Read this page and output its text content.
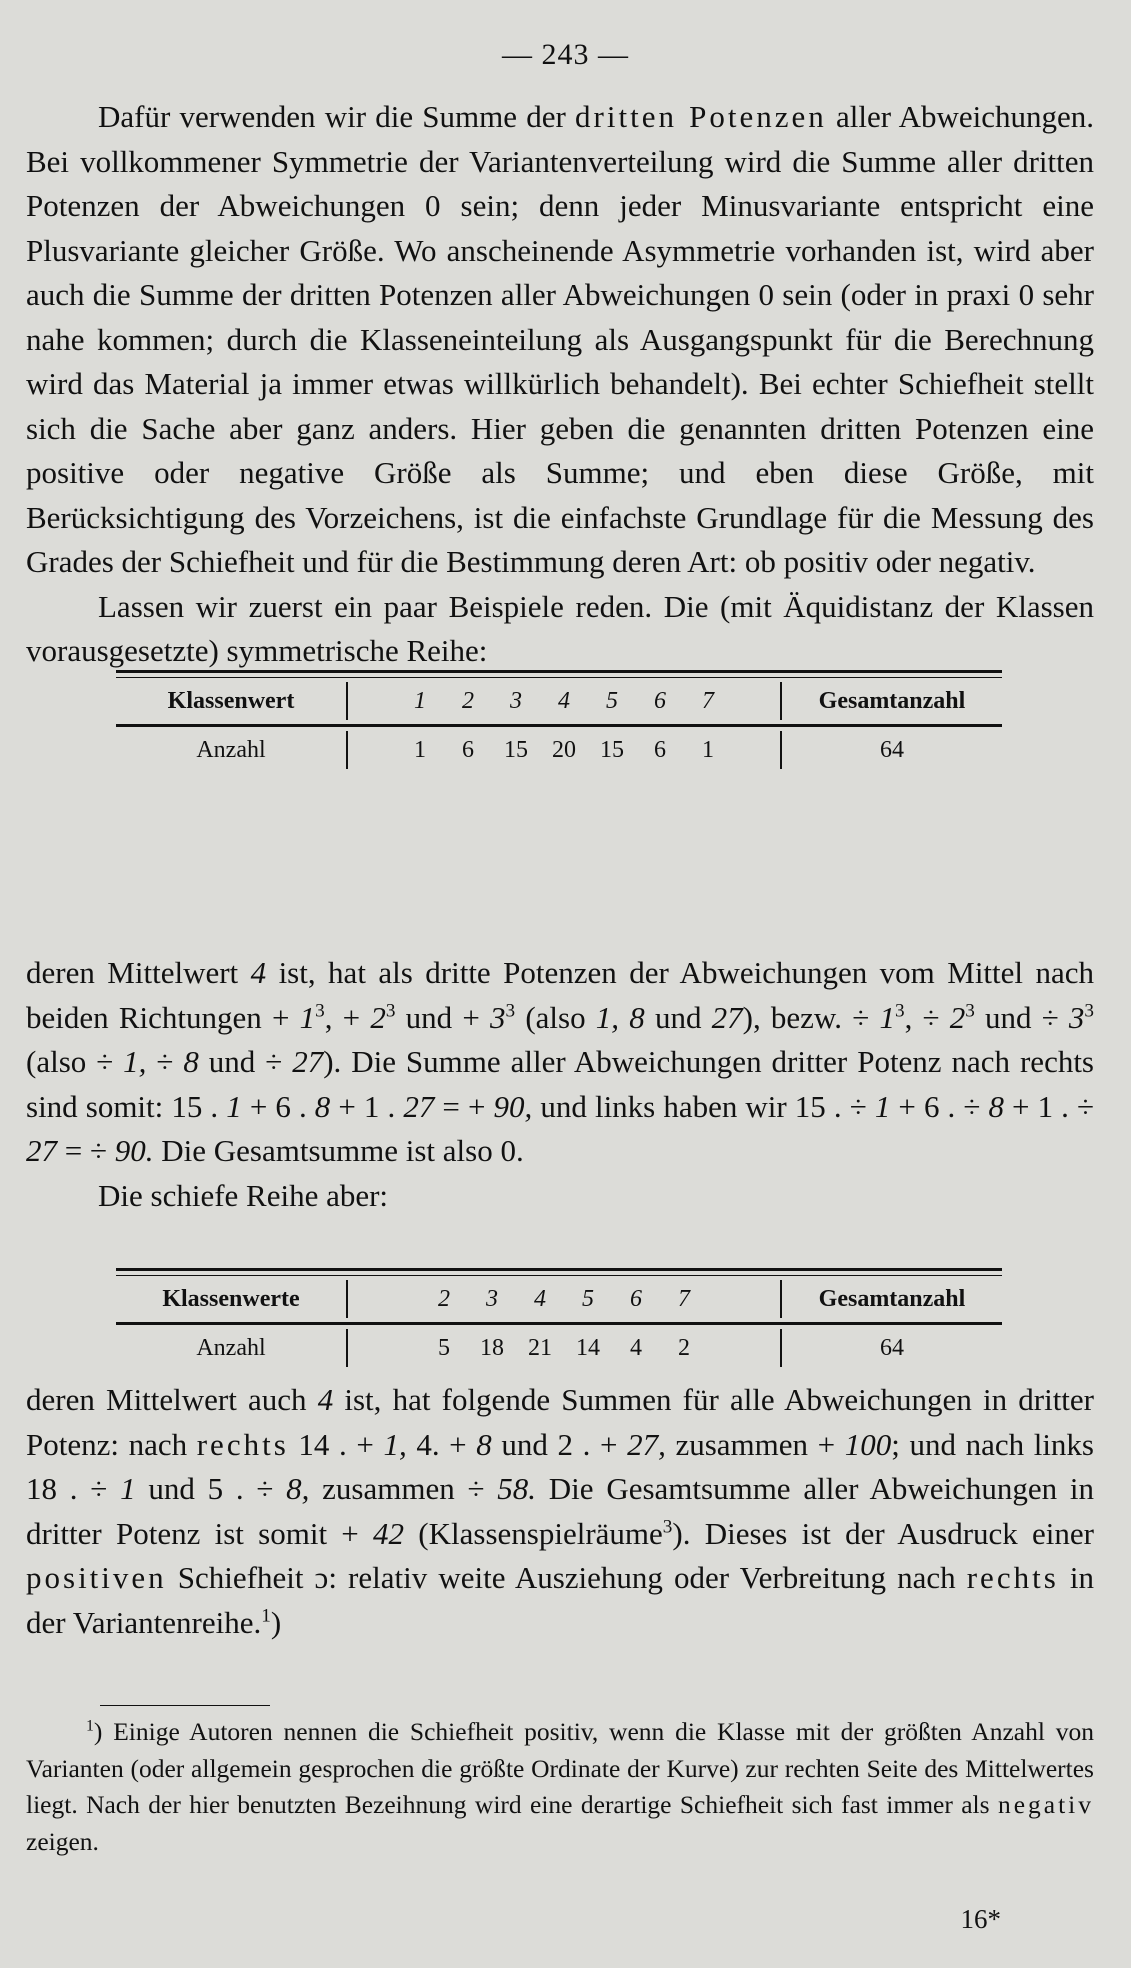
— 243 —

Dafür verwenden wir die Summe der dritten Potenzen aller Abweichungen. Bei vollkommener Symmetrie der Variantenverteilung wird die Summe aller dritten Potenzen der Abweichungen 0 sein; denn jeder Minusvariante entspricht eine Plusvariante gleicher Größe. Wo anscheinende Asymmetrie vorhanden ist, wird aber auch die Summe der dritten Potenzen aller Abweichungen 0 sein (oder in praxi 0 sehr nahe kommen; durch die Klasseneinteilung als Ausgangspunkt für die Berechnung wird das Material ja immer etwas willkürlich behandelt). Bei echter Schiefheit stellt sich die Sache aber ganz anders. Hier geben die genannten dritten Potenzen eine positive oder negative Größe als Summe; und eben diese Größe, mit Berücksichtigung des Vorzeichens, ist die einfachste Grundlage für die Messung des Grades der Schiefheit und für die Bestimmung deren Art: ob positiv oder negativ.

Lassen wir zuerst ein paar Beispiele reden. Die (mit Äquidistanz der Klassen vorausgesetzte) symmetrische Reihe:

Klassenwert	1	2	3	4	5	6	7	Gesamtanzahl
Anzahl	1	6	15	20	15	6	1	64

deren Mittelwert 4 ist, hat als dritte Potenzen der Abweichungen vom Mittel nach beiden Richtungen + $1^3$, + $2^3$ und + $3^3$ (also 1, 8 und 27), bezw. ÷ $1^3$, ÷ $2^3$ und ÷ $3^3$ (also ÷ 1, ÷ 8 und ÷ 27). Die Summe aller Abweichungen dritter Potenz nach rechts sind somit: 15 . 1 + 6 . 8 + 1 . 27 = + 90, und links haben wir 15 . ÷ 1 + 6 . ÷ 8 + 1 . ÷ 27 = ÷ 90. Die Gesamtsumme ist also 0.

Die schiefe Reihe aber:

Klassenwerte	2	3	4	5	6	7	Gesamtanzahl
Anzahl	5	18	21	14	4	2	64

deren Mittelwert auch 4 ist, hat folgende Summen für alle Abweichungen in dritter Potenz: nach rechts 14 . + 1, 4. + 8 und 2 . + 27, zusammen + 100; und nach links 18 . ÷ 1 und 5 . ÷ 8, zusammen ÷ 58. Die Gesamtsumme aller Abweichungen in dritter Potenz ist somit + 42 (Klassenspielräume$^3$). Dieses ist der Ausdruck einer positiven Schiefheit ɔ: relativ weite Ausziehung oder Verbreitung nach rechts in der Variantenreihe.$^1$)

$^1$) Einige Autoren nennen die Schiefheit positiv, wenn die Klasse mit der größten Anzahl von Varianten (oder allgemein gesprochen die größte Ordinate der Kurve) zur rechten Seite des Mittelwertes liegt. Nach der hier benutzten Bezeihnung wird eine derartige Schiefheit sich fast immer als negativ zeigen.

16*
